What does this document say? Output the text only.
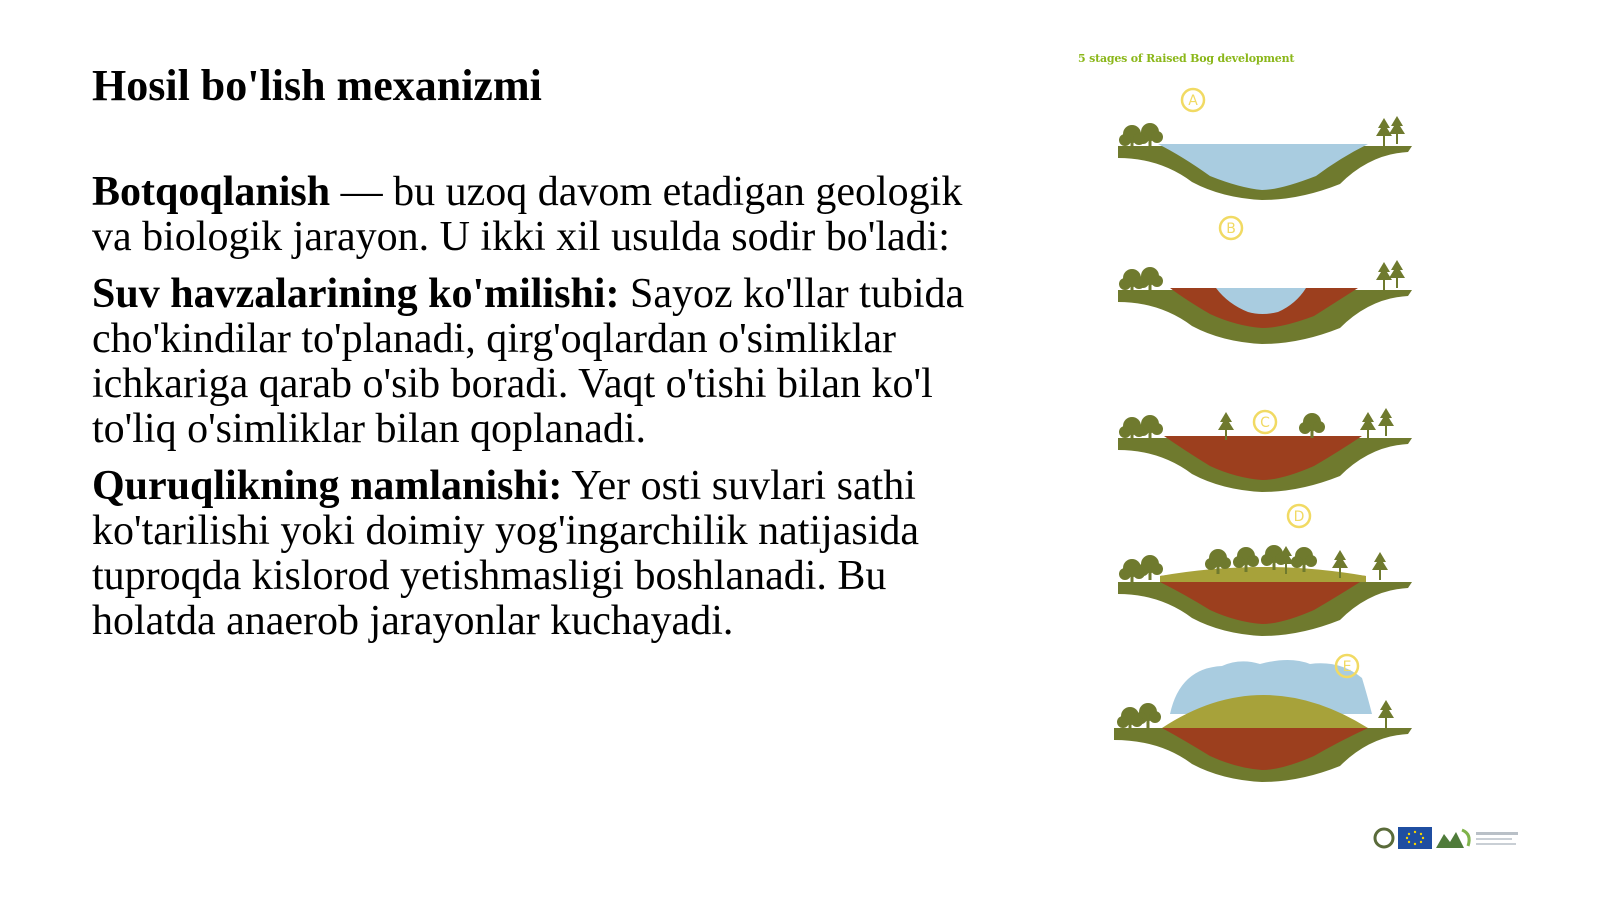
Hosil bo'lish mexanizmi

Botqoqlanish — bu uzoq davom etadigan geologik va biologik jarayon. U ikki xil usulda sodir bo'ladi:

Suv havzalarining ko'milishi: Sayoz ko'llar tubida cho'kindilar to'planadi, qirg'oqlardan o'simliklar ichkariga qarab o'sib boradi. Vaqt o'tishi bilan ko'l to'liq o'simliklar bilan qoplanadi.

Quruqlikning namlanishi: Yer osti suvlari sathi ko'tarilishi yoki doimiy yog'ingarchilik natijasida tuproqda kislorod yetishmasligi boshlanadi. Bu holatda anaerob jarayonlar kuchayadi.

5 stages of Raised Bog development
A
B
C
D
E
